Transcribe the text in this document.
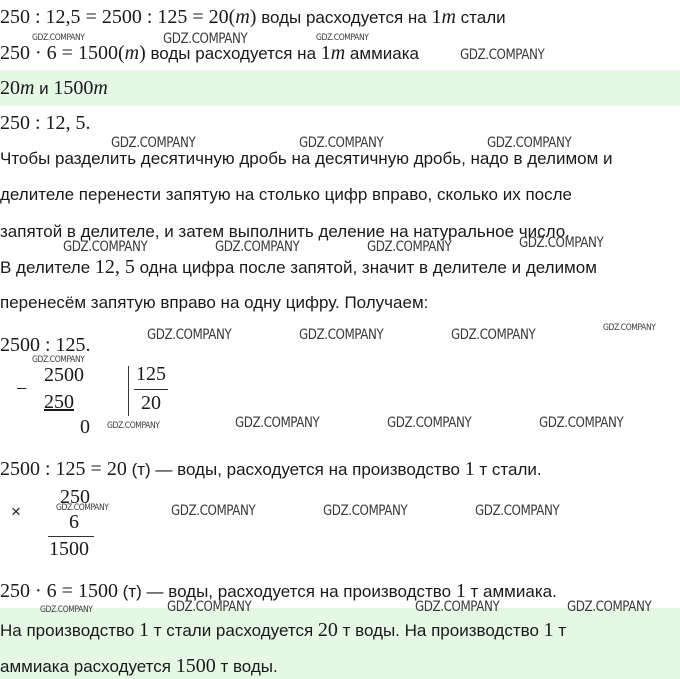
250 : 12,5 = 2500 : 125 = 20(т) воды расходуется на 1т стали
250 · 6 = 1500(т) воды расходуется на 1т аммиака
20т и 1500т
250 : 12, 5.
Чтобы разделить десятичную дробь на десятичную дробь, надо в делимом и
делителе перенести запятую на столько цифр вправо, сколько их после
запятой в делителе, и затем выполнить деление на натуральное число.
В делителе 12, 5 одна цифра после запятой, значит в делителе и делимом
перенесём запятую вправо на одну цифру. Получаем:
2500 : 125.
−
2500
250
0
125
20
2500 : 125 = 20 (т) — воды, расходуется на производство 1 т стали.
×
250
6
1500
250 · 6 = 1500 (т) — воды, расходуется на производство 1 т аммиака.
На производство 1 т стали расходуется 20 т воды. На производство 1 т
аммиака расходуется 1500 т воды.
GDZ.COMPANY	GDZ.COMPANY	GDZ.COMPANY
GDZ.COMPANY
GDZ.COMPANY	GDZ.COMPANY	GDZ.COMPANY
GDZ.COMPANY	GDZ.COMPANY	GDZ.COMPANY	GDZ.COMPANY
GDZ.COMPANY	GDZ.COMPANY	GDZ.COMPANY	GDZ.COMPANY
GDZ.COMPANY
GDZ.COMPANY	GDZ.COMPANY	GDZ.COMPANY	GDZ.COMPANY
GDZ.COMPANY	GDZ.COMPANY	GDZ.COMPANY	GDZ.COMPANY
GDZ.COMPANY	GDZ.COMPANY	GDZ.COMPANY	GDZ.COMPANY
